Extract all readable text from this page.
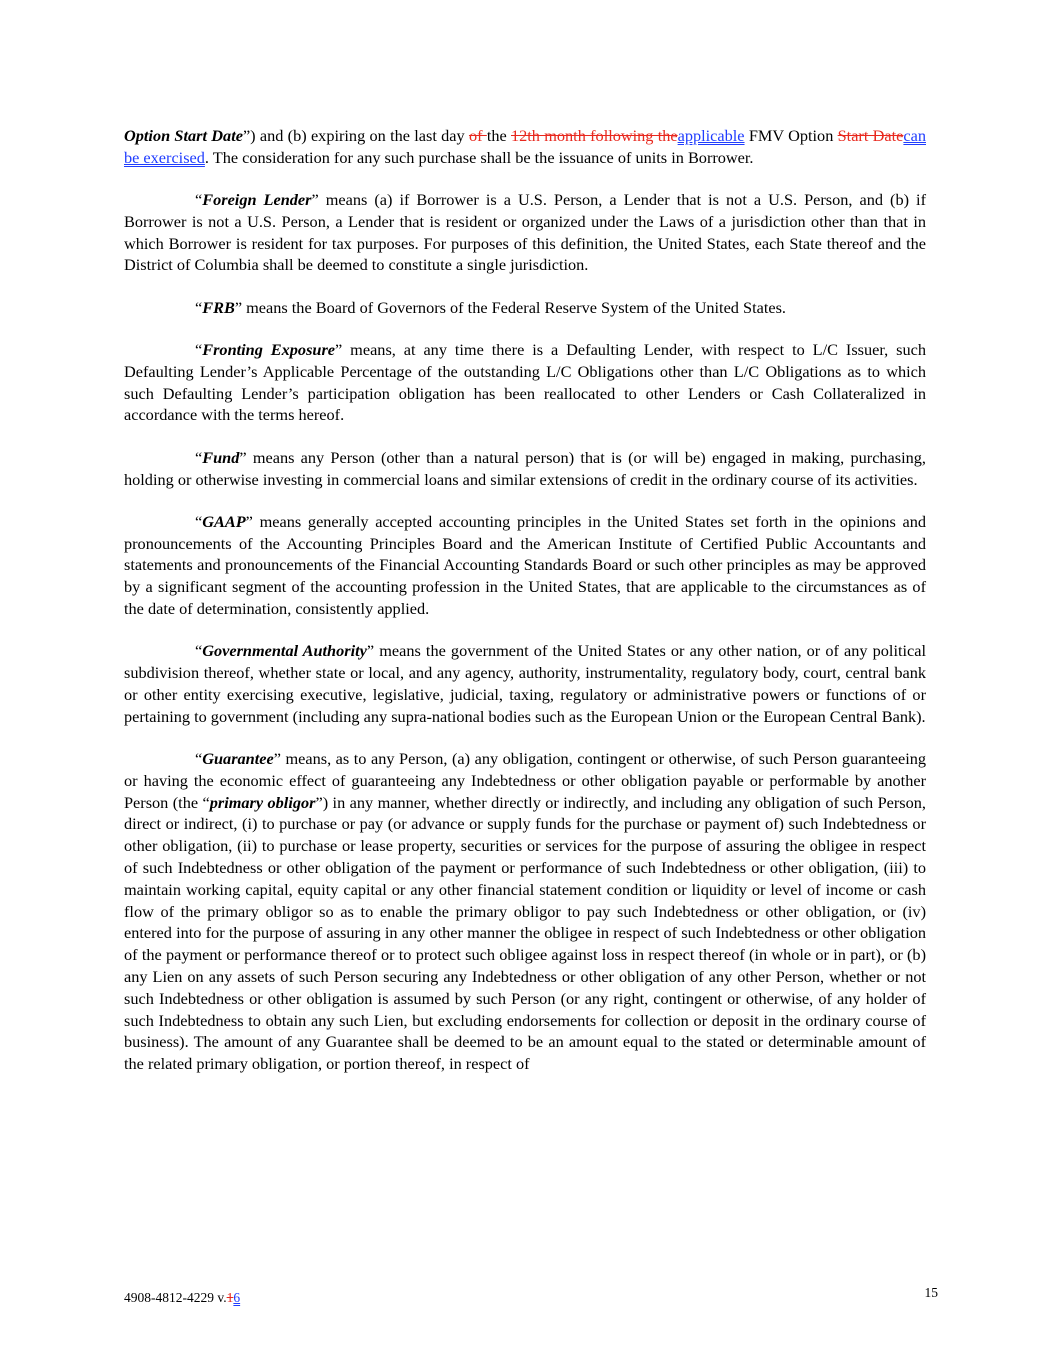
Option Start Date”) and (b) expiring on the last day of the 12th month following theapplicable FMV Option Start Datecan be exercised. The consideration for any such purchase shall be the issuance of units in Borrower.

“Foreign Lender” means (a) if Borrower is a U.S. Person, a Lender that is not a U.S. Person, and (b) if Borrower is not a U.S. Person, a Lender that is resident or organized under the Laws of a jurisdiction other than that in which Borrower is resident for tax purposes. For purposes of this definition, the United States, each State thereof and the District of Columbia shall be deemed to constitute a single jurisdiction.

“FRB” means the Board of Governors of the Federal Reserve System of the United States.

“Fronting Exposure” means, at any time there is a Defaulting Lender, with respect to L/C Issuer, such Defaulting Lender’s Applicable Percentage of the outstanding L/C Obligations other than L/C Obligations as to which such Defaulting Lender’s participation obligation has been reallocated to other Lenders or Cash Collateralized in accordance with the terms hereof.

“Fund” means any Person (other than a natural person) that is (or will be) engaged in making, purchasing, holding or otherwise investing in commercial loans and similar extensions of credit in the ordinary course of its activities.

“GAAP” means generally accepted accounting principles in the United States set forth in the opinions and pronouncements of the Accounting Principles Board and the American Institute of Certified Public Accountants and statements and pronouncements of the Financial Accounting Standards Board or such other principles as may be approved by a significant segment of the accounting profession in the United States, that are applicable to the circumstances as of the date of determination, consistently applied.

“Governmental Authority” means the government of the United States or any other nation, or of any political subdivision thereof, whether state or local, and any agency, authority, instrumentality, regulatory body, court, central bank or other entity exercising executive, legislative, judicial, taxing, regulatory or administrative powers or functions of or pertaining to government (including any supra-national bodies such as the European Union or the European Central Bank).

“Guarantee” means, as to any Person, (a) any obligation, contingent or otherwise, of such Person guaranteeing or having the economic effect of guaranteeing any Indebtedness or other obligation payable or performable by another Person (the “primary obligor”) in any manner, whether directly or indirectly, and including any obligation of such Person, direct or indirect, (i) to purchase or pay (or advance or supply funds for the purchase or payment of) such Indebtedness or other obligation, (ii) to purchase or lease property, securities or services for the purpose of assuring the obligee in respect of such Indebtedness or other obligation of the payment or performance of such Indebtedness or other obligation, (iii) to maintain working capital, equity capital or any other financial statement condition or liquidity or level of income or cash flow of the primary obligor so as to enable the primary obligor to pay such Indebtedness or other obligation, or (iv) entered into for the purpose of assuring in any other manner the obligee in respect of such Indebtedness or other obligation of the payment or performance thereof or to protect such obligee against loss in respect thereof (in whole or in part), or (b) any Lien on any assets of such Person securing any Indebtedness or other obligation of any other Person, whether or not such Indebtedness or other obligation is assumed by such Person (or any right, contingent or otherwise, of any holder of such Indebtedness to obtain any such Lien, but excluding endorsements for collection or deposit in the ordinary course of business). The amount of any Guarantee shall be deemed to be an amount equal to the stated or determinable amount of the related primary obligation, or portion thereof, in respect of

4908-4812-4229 v.16	15
